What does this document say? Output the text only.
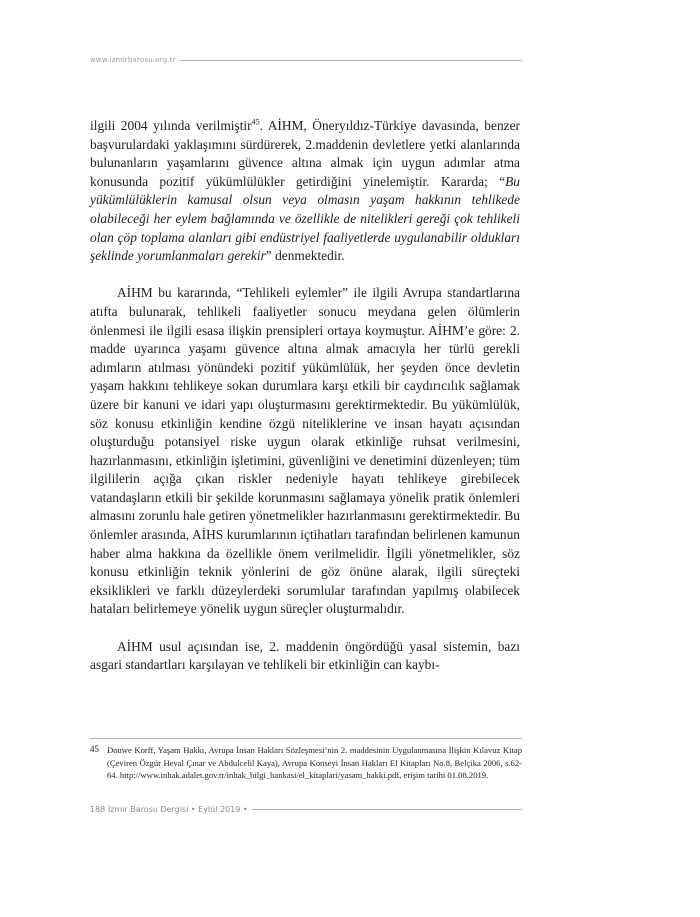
www.izmirbarosu.org.tr

ilgili 2004 yılında verilmiştir$^{45}$. AİHM, Öneryıldız-Türkiye davasında, benzer başvurulardaki yaklaşımını sürdürerek, 2.maddenin devletlere yetki alanlarında bulunanların yaşamlarını güvence altına almak için uygun adımlar atma konusunda pozitif yükümlülükler getirdiğini yinelemiştir. Kararda; “Bu yükümlülüklerin kamusal olsun veya olmasın yaşam hakkının tehlikede olabileceği her eylem bağlamında ve özellikle de nitelikleri gereği çok tehlikeli olan çöp toplama alanları gibi endüstriyel faaliyetlerde uygulanabilir oldukları şeklinde yorumlanmaları gerekir” denmektedir.

AİHM bu kararında, “Tehlikeli eylemler” ile ilgili Avrupa standartlarına atıfta bulunarak, tehlikeli faaliyetler sonucu meydana gelen ölümlerin önlenmesi ile ilgili esasa ilişkin prensipleri ortaya koymuştur. AİHM’e göre: 2. madde uyarınca yaşamı güvence altına almak amacıyla her türlü gerekli adımların atılması yönündeki pozitif yükümlülük, her şeyden önce devletin yaşam hakkını tehlikeye sokan durumlara karşı etkili bir caydırıcılık sağlamak üzere bir kanuni ve idari yapı oluşturmasını gerektirmektedir. Bu yükümlülük, söz konusu etkinliğin kendine özgü niteliklerine ve insan hayatı açısından oluşturduğu potansiyel riske uygun olarak etkinliğe ruhsat verilmesini, hazırlanmasını, etkinliğin işletimini, güvenliğini ve denetimini düzenleyen; tüm ilgililerin açığa çıkan riskler nedeniyle hayatı tehlikeye girebilecek vatandaşların etkili bir şekilde korunmasını sağlamaya yönelik pratik önlemleri almasını zorunlu hale getiren yönetmelikler hazırlanmasını gerektirmektedir. Bu önlemler arasında, AİHS kurumlarının içtihatları tarafından belirlenen kamunun haber alma hakkına da özellikle önem verilmelidir. İlgili yönetmelikler, söz konusu etkinliğin teknik yönlerini de göz önüne alarak, ilgili süreçteki eksiklikleri ve farklı düzeylerdeki sorumlular tarafından yapılmış olabilecek hataları belirlemeye yönelik uygun süreçler oluşturmalıdır.

AİHM usul açısından ise, 2. maddenin öngördüğü yasal sistemin, bazı asgari standartları karşılayan ve tehlikeli bir etkinliğin can kaybı-

45 Douwe Korff, Yaşam Hakkı, Avrupa İnsan Hakları Sözleşmesi’nin 2. maddesinin Uygulanmasına İlişkin Kılavuz Kitap (Çeviren Özgür Heval Çınar ve Abdulcelil Kaya), Avrupa Konseyi İnsan Hakları El Kitapları No.8, Belçika 2006, s.62-64. http://www.inhak.adalet.gov.tr/inhak_bilgi_bankasi/el_kitaplari/yasam_hakki.pdf, erişim tarihi 01.08.2019.
188 İzmir Barosu Dergisi • Eylül 2019 •
